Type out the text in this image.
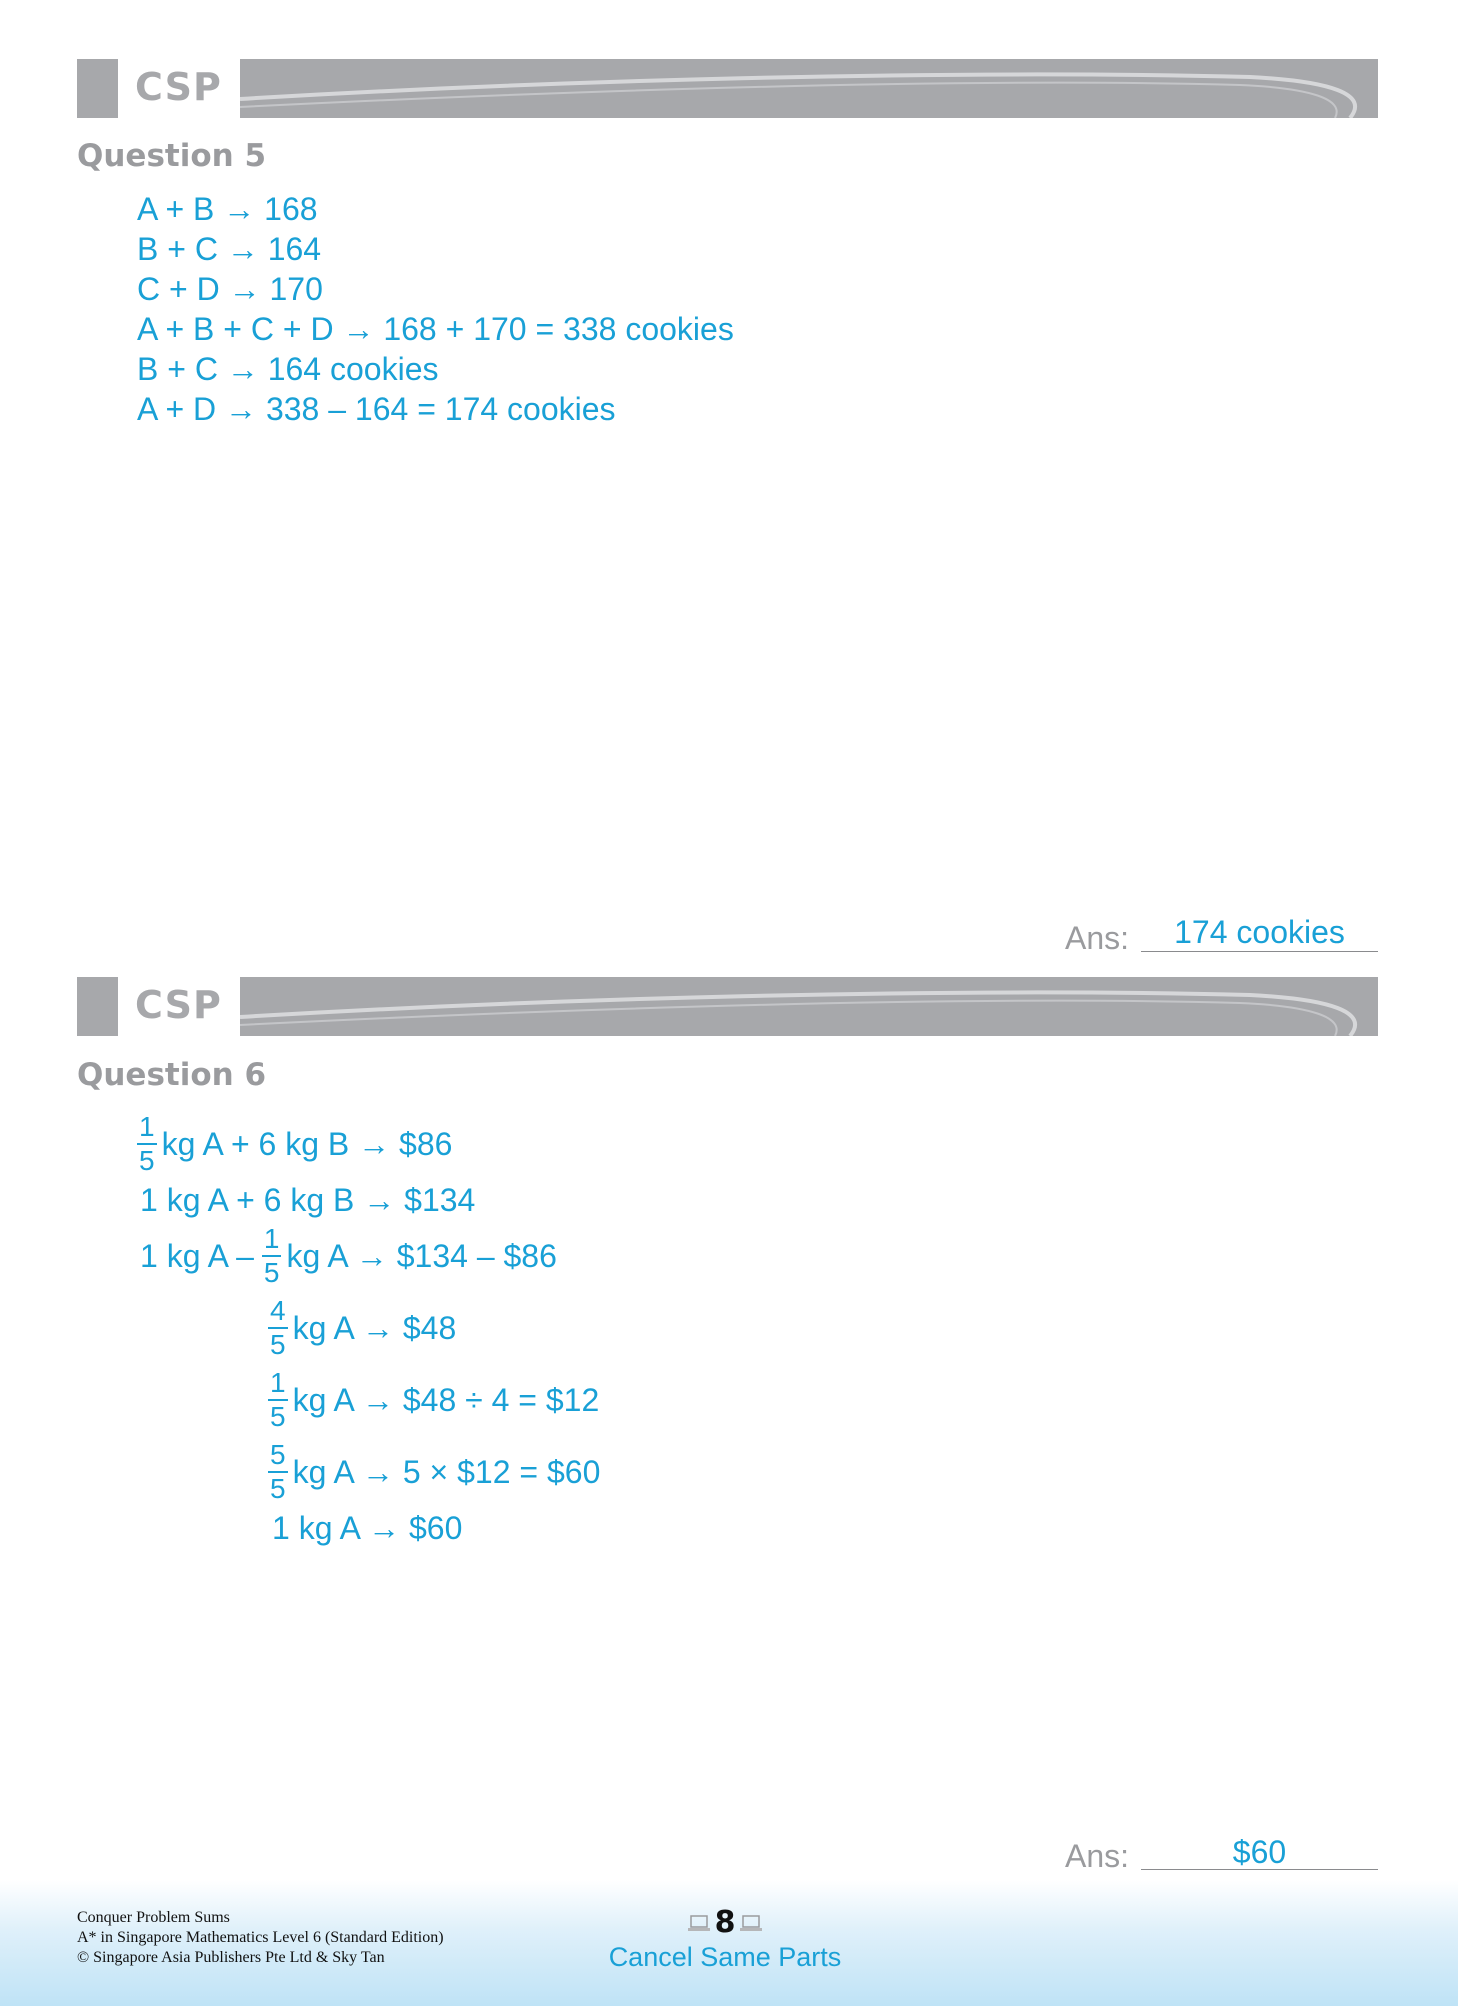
CSP
Question 5
A + B → 168
B + C → 164
C + D → 170
A + B + C + D → 168 + 170 = 338 cookies
B + C → 164 cookies
A + D → 338 – 164 = 174 cookies
Ans:	174 cookies
CSP
Question 6
$\frac{1}{5}$ kg A + 6 kg B → $86
1 kg A + 6 kg B → $134
1 kg A – $\frac{1}{5}$ kg A → $134 – $86
$\frac{4}{5}$ kg A → $48
$\frac{1}{5}$ kg A → $48 ÷ 4 = $12
$\frac{5}{5}$ kg A → 5 × $12 = $60
1 kg A → $60
Ans:	$60
Conquer Problem Sums
A* in Singapore Mathematics Level 6 (Standard Edition)
© Singapore Asia Publishers Pte Ltd & Sky Tan
8
Cancel Same Parts
